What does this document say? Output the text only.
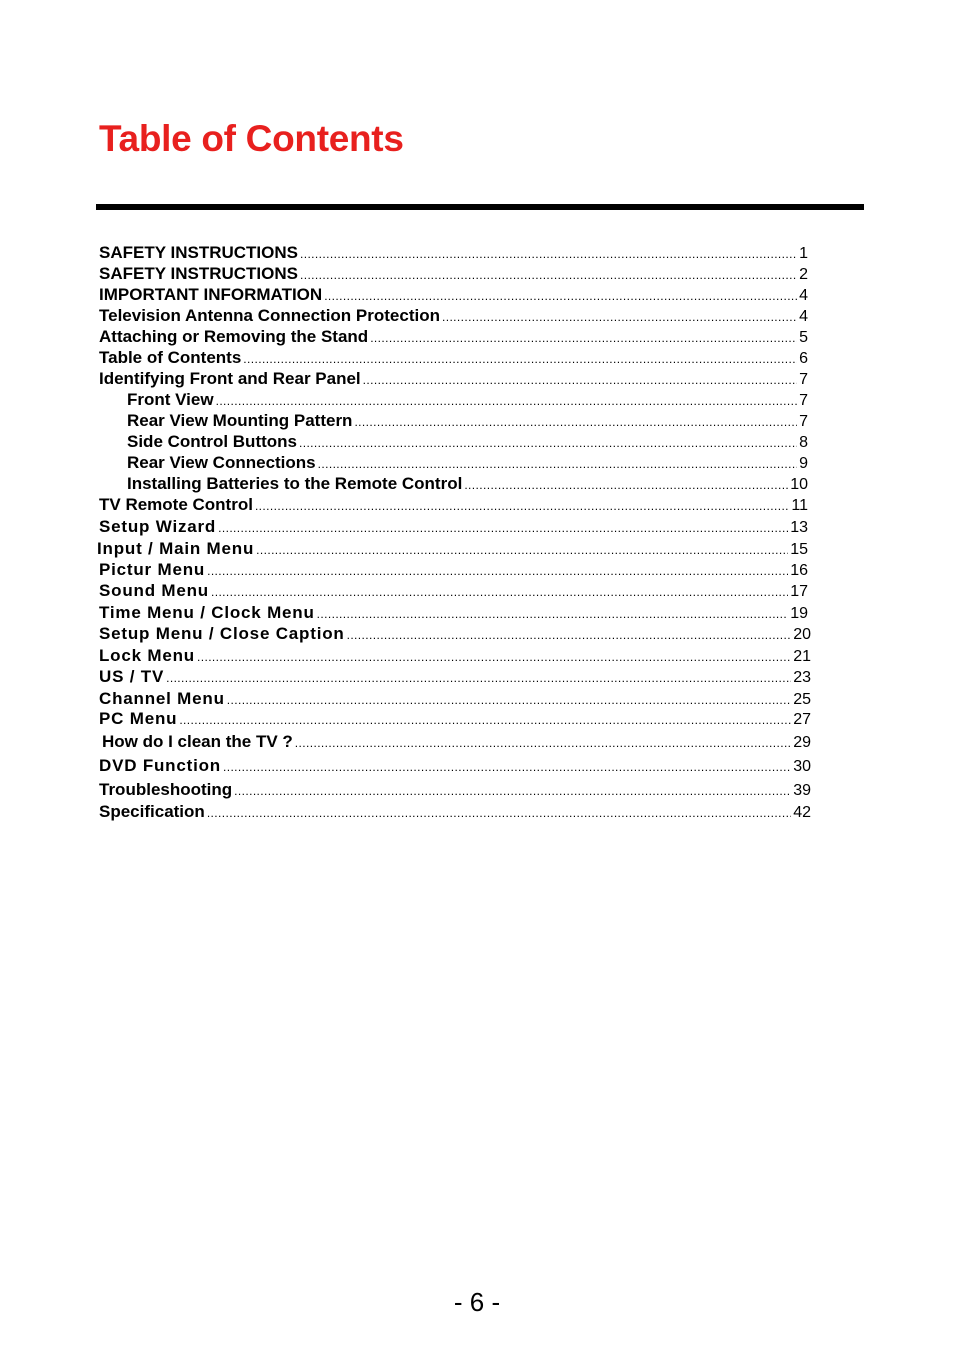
Table of Contents
SAFETY INSTRUCTIONS .....	1
SAFETY INSTRUCTIONS .....	2
IMPORTANT INFORMATION .....	4
Television Antenna Connection Protection .....	4
Attaching or Removing the Stand .....	5
Table of Contents .....	6
Identifying Front and Rear Panel .....	7
Front View .....	7
Rear View Mounting Pattern .....	7
Side Control Buttons .....	8
Rear View Connections .....	9
Installing Batteries to the Remote Control .....	10
TV Remote Control .....	11
Setup Wizard .....	13
Input / Main Menu .....	15
Pictur Menu .....	16
Sound Menu .....	17
Time Menu / Clock Menu .....	19
Setup Menu / Close Caption .....	20
Lock Menu .....	21
US / TV .....	23
Channel Menu .....	25
PC Menu .....	27
How do I clean the TV ? .....	29
DVD Function .....	30
Troubleshooting .....	39
Specification .....	42
- 6 -
